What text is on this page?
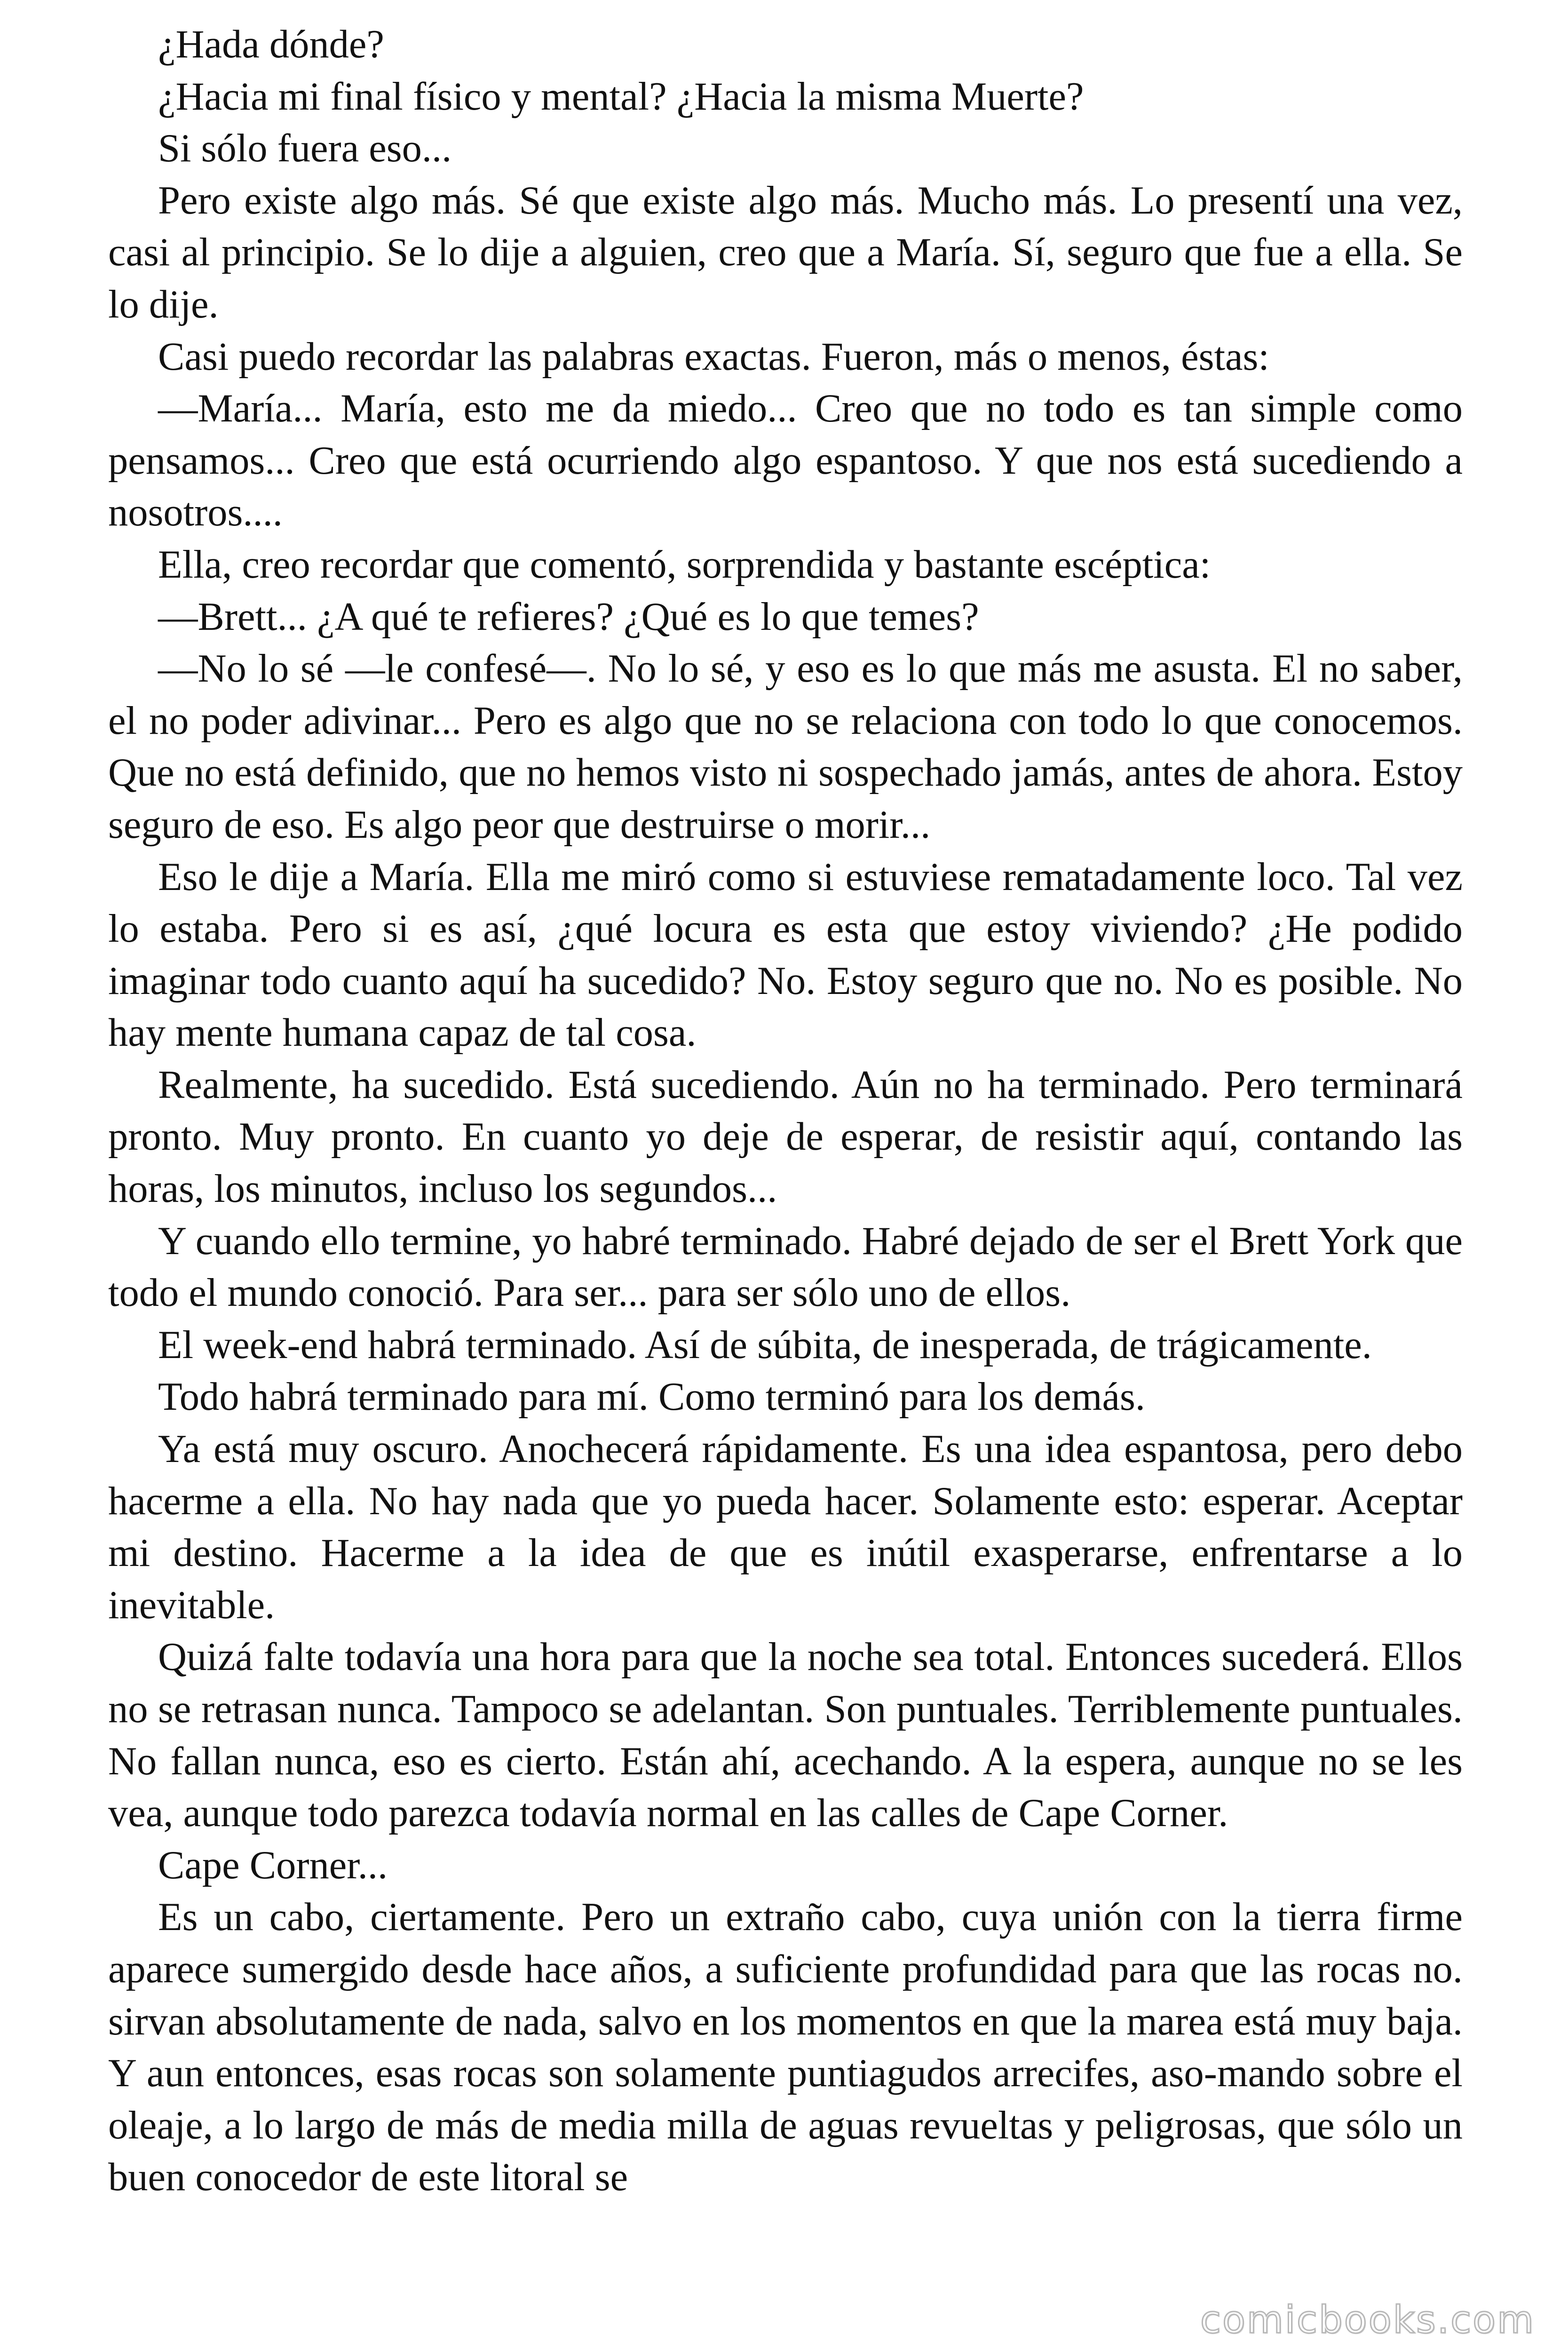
¿Hada dónde?

¿Hacia mi final físico y mental? ¿Hacia la misma Muerte?

Si sólo fuera eso...

Pero existe algo más. Sé que existe algo más. Mucho más. Lo presentí una vez, casi al principio. Se lo dije a alguien, creo que a María. Sí, seguro que fue a ella. Se lo dije.

Casi puedo recordar las palabras exactas. Fueron, más o menos, éstas:

—María... María, esto me da miedo... Creo que no todo es tan simple como pensamos... Creo que está ocurriendo algo espantoso. Y que nos está sucediendo a nosotros....

Ella, creo recordar que comentó, sorprendida y bastante escéptica:

—Brett... ¿A qué te refieres? ¿Qué es lo que temes?

—No lo sé —le confesé—. No lo sé, y eso es lo que más me asusta. El no saber, el no poder adivinar... Pero es algo que no se relaciona con todo lo que conocemos. Que no está definido, que no hemos visto ni sospechado jamás, antes de ahora. Estoy seguro de eso. Es algo peor que destruirse o morir...

Eso le dije a María. Ella me miró como si estuviese rematadamente loco. Tal vez lo estaba. Pero si es así, ¿qué locura es esta que estoy viviendo? ¿He podido imaginar todo cuanto aquí ha sucedido? No. Estoy seguro que no. No es posible. No hay mente humana capaz de tal cosa.

Realmente, ha sucedido. Está sucediendo. Aún no ha terminado. Pero terminará pronto. Muy pronto. En cuanto yo deje de esperar, de resistir aquí, contando las horas, los minutos, incluso los segundos...

Y cuando ello termine, yo habré terminado. Habré dejado de ser el Brett York que todo el mundo conoció. Para ser... para ser sólo uno de ellos.

El week-end habrá terminado. Así de súbita, de inesperada, de trágicamente.

Todo habrá terminado para mí. Como terminó para los demás.

Ya está muy oscuro. Anochecerá rápidamente. Es una idea espantosa, pero debo hacerme a ella. No hay nada que yo pueda hacer. Solamente esto: esperar. Aceptar mi destino. Hacerme a la idea de que es inútil exasperarse, enfrentarse a lo inevitable.

Quizá falte todavía una hora para que la noche sea total. Entonces sucederá. Ellos no se retrasan nunca. Tampoco se adelantan. Son puntuales. Terriblemente puntuales. No fallan nunca, eso es cierto. Están ahí, acechando. A la espera, aunque no se les vea, aunque todo parezca todavía normal en las calles de Cape Corner.

Cape Corner...

Es un cabo, ciertamente. Pero un extraño cabo, cuya unión con la tierra firme aparece sumergido desde hace años, a suficiente profundidad para que las rocas no. sirvan absolutamente de nada, salvo en los momentos en que la marea está muy baja. Y aun entonces, esas rocas son solamente puntiagudos arrecifes, aso-mando sobre el oleaje, a lo largo de más de media milla de aguas revueltas y peligrosas, que sólo un buen conocedor de este litoral se

comicbooks.com
